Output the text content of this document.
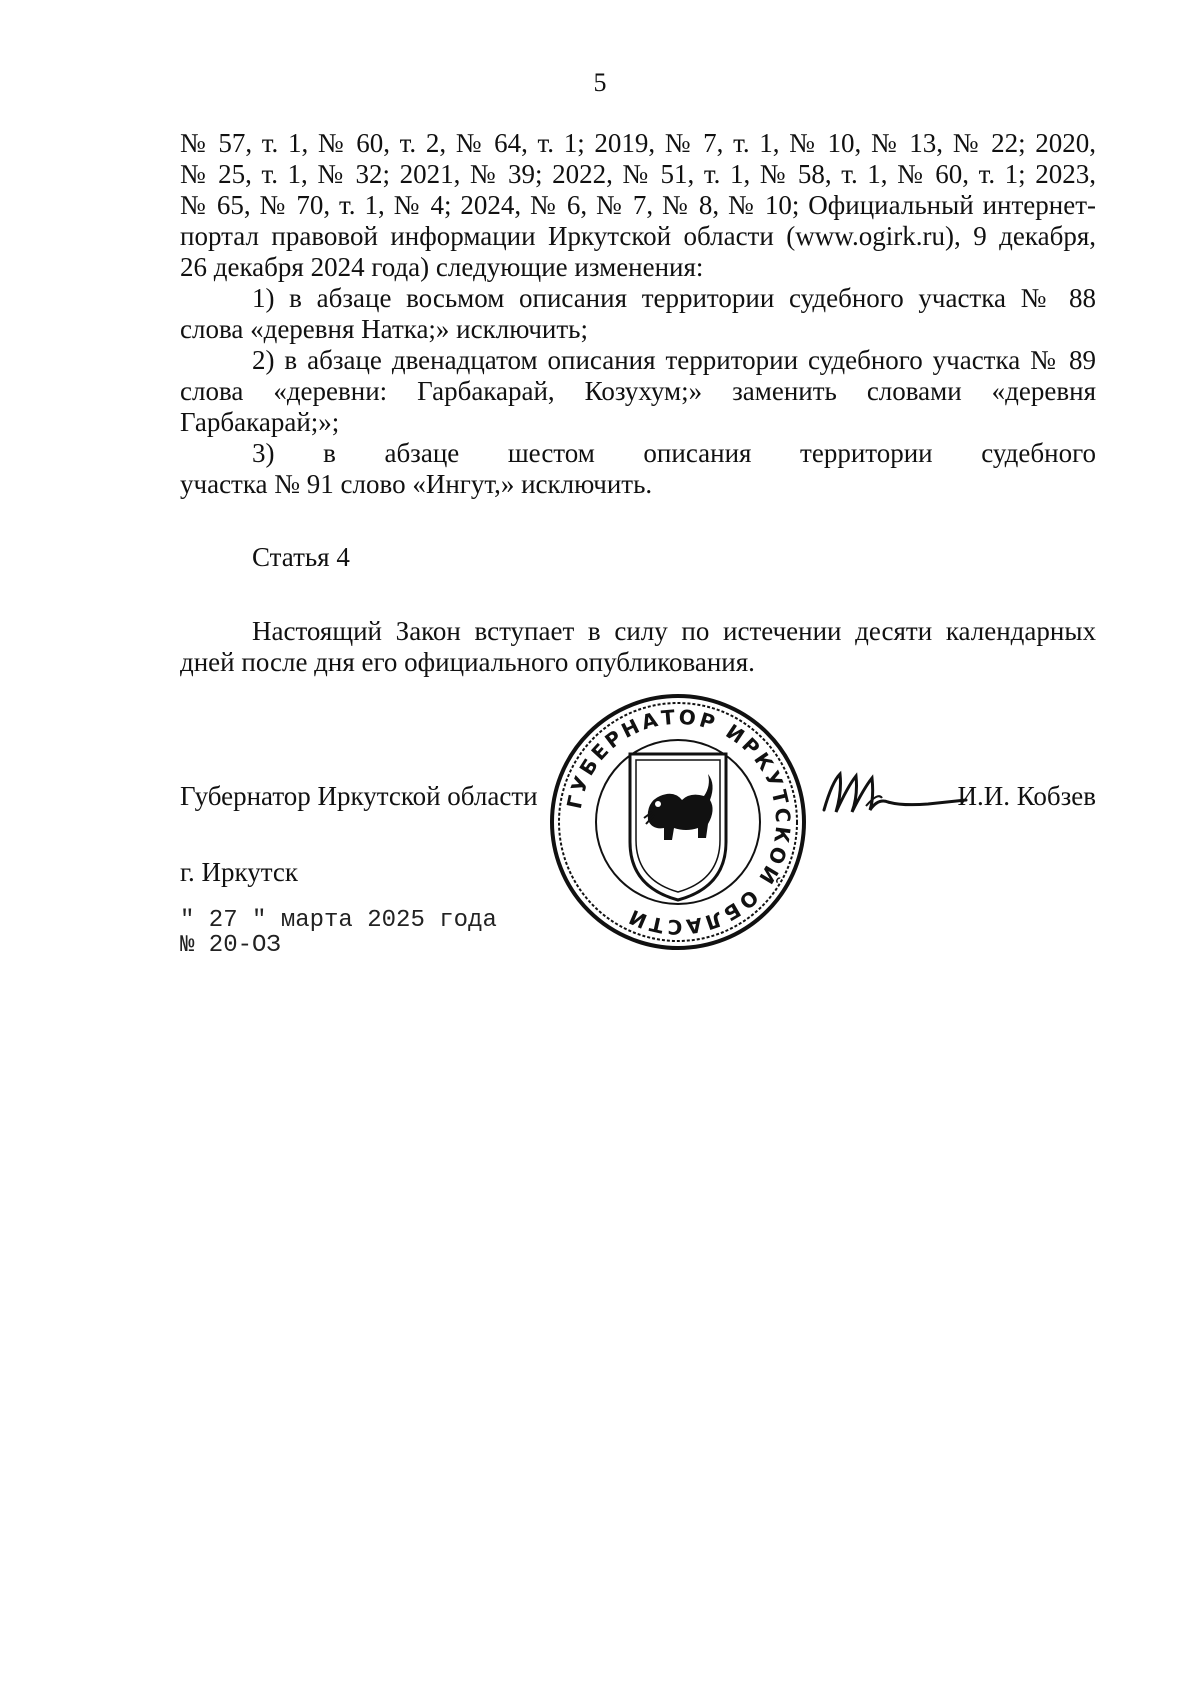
5
№ 57, т. 1, № 60, т. 2, № 64, т. 1; 2019, № 7, т. 1, № 10, № 13, № 22; 2020,
№ 25, т. 1, № 32; 2021, № 39; 2022, № 51, т. 1, № 58, т. 1, № 60, т. 1; 2023,
№ 65, № 70, т. 1, № 4; 2024, № 6, № 7, № 8, № 10; Официальный интернет-
портал правовой информации Иркутской области (www.ogirk.ru), 9 декабря,
26 декабря 2024 года) следующие изменения:
1) в абзаце восьмом описания территории судебного участка № 88
слова «деревня Натка;» исключить;
2) в абзаце двенадцатом описания территории судебного участка № 89
слова «деревни: Гарбакарай, Козухум;» заменить словами «деревня
Гарбакарай;»;
3) в абзаце шестом описания территории судебного
участка № 91 слово «Ингут,» исключить.
Статья 4
Настоящий Закон вступает в силу по истечении десяти календарных
дней после дня его официального опубликования.
Губернатор Иркутской области	ГУБЕРНАТОР ИРКУТСКОЙ ОБЛАСТИ
И.И. Кобзев
г. Иркутск
" 27 " марта 2025 года
№ 20-ОЗ
